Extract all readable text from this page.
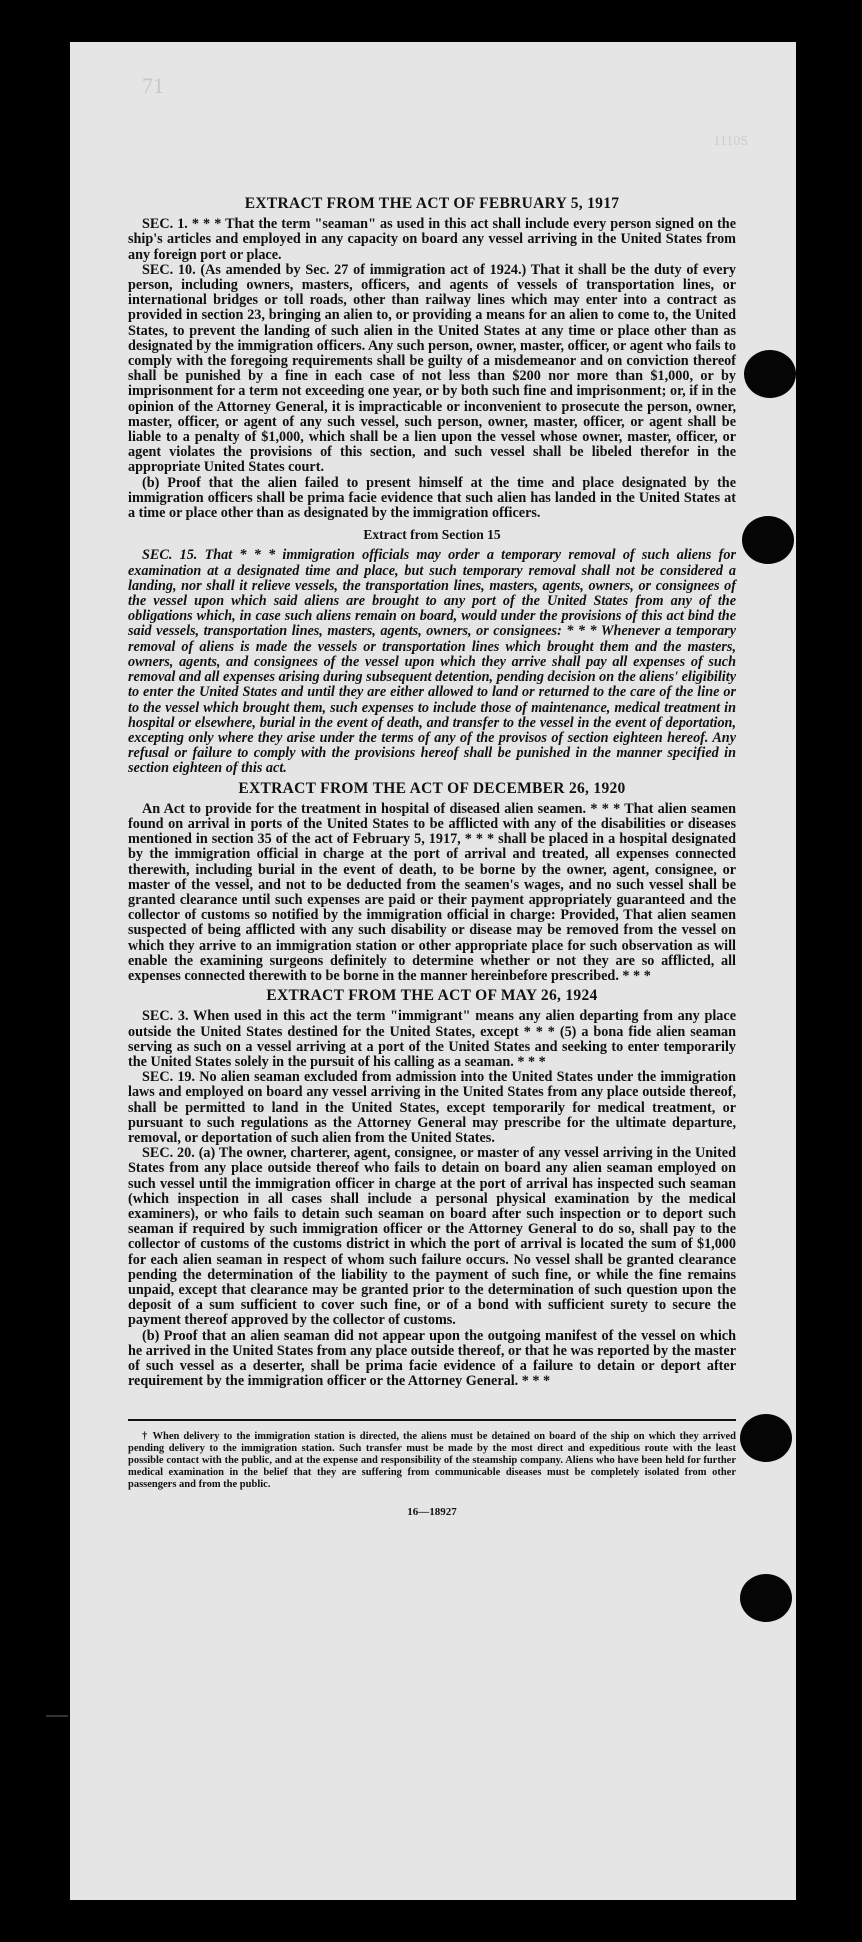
71
1110S
EXTRACT FROM THE ACT OF FEBRUARY 5, 1917

SEC. 1. * * * That the term "seaman" as used in this act shall include every person signed on the ship's articles and employed in any capacity on board any vessel arriving in the United States from any foreign port or place.

SEC. 10. (As amended by Sec. 27 of immigration act of 1924.) That it shall be the duty of every person, including owners, masters, officers, and agents of vessels of transportation lines, or international bridges or toll roads, other than railway lines which may enter into a contract as provided in section 23, bringing an alien to, or providing a means for an alien to come to, the United States, to prevent the landing of such alien in the United States at any time or place other than as designated by the immigration officers. Any such person, owner, master, officer, or agent who fails to comply with the foregoing requirements shall be guilty of a misdemeanor and on conviction thereof shall be punished by a fine in each case of not less than $200 nor more than $1,000, or by imprisonment for a term not exceeding one year, or by both such fine and imprisonment; or, if in the opinion of the Attorney General, it is impracticable or inconvenient to prosecute the person, owner, master, officer, or agent of any such vessel, such person, owner, master, officer, or agent shall be liable to a penalty of $1,000, which shall be a lien upon the vessel whose owner, master, officer, or agent violates the provisions of this section, and such vessel shall be libeled therefor in the appropriate United States court.

(b) Proof that the alien failed to present himself at the time and place designated by the immigration officers shall be prima facie evidence that such alien has landed in the United States at a time or place other than as designated by the immigration officers.

Extract from Section 15

SEC. 15. That * * * immigration officials may order a temporary removal of such aliens for examination at a designated time and place, but such temporary removal shall not be considered a landing, nor shall it relieve vessels, the transportation lines, masters, agents, owners, or consignees of the vessel upon which said aliens are brought to any port of the United States from any of the obligations which, in case such aliens remain on board, would under the provisions of this act bind the said vessels, transportation lines, masters, agents, owners, or consignees: * * * Whenever a temporary removal of aliens is made the vessels or transportation lines which brought them and the masters, owners, agents, and consignees of the vessel upon which they arrive shall pay all expenses of such removal and all expenses arising during subsequent detention, pending decision on the aliens' eligibility to enter the United States and until they are either allowed to land or returned to the care of the line or to the vessel which brought them, such expenses to include those of maintenance, medical treatment in hospital or elsewhere, burial in the event of death, and transfer to the vessel in the event of deportation, excepting only where they arise under the terms of any of the provisos of section eighteen hereof. Any refusal or failure to comply with the provisions hereof shall be punished in the manner specified in section eighteen of this act.

EXTRACT FROM THE ACT OF DECEMBER 26, 1920

An Act to provide for the treatment in hospital of diseased alien seamen. * * * That alien seamen found on arrival in ports of the United States to be afflicted with any of the disabilities or diseases mentioned in section 35 of the act of February 5, 1917, * * * shall be placed in a hospital designated by the immigration official in charge at the port of arrival and treated, all expenses connected therewith, including burial in the event of death, to be borne by the owner, agent, consignee, or master of the vessel, and not to be deducted from the seamen's wages, and no such vessel shall be granted clearance until such expenses are paid or their payment appropriately guaranteed and the collector of customs so notified by the immigration official in charge: Provided, That alien seamen suspected of being afflicted with any such disability or disease may be removed from the vessel on which they arrive to an immigration station or other appropriate place for such observation as will enable the examining surgeons definitely to determine whether or not they are so afflicted, all expenses connected therewith to be borne in the manner hereinbefore prescribed. * * *

EXTRACT FROM THE ACT OF MAY 26, 1924

SEC. 3. When used in this act the term "immigrant" means any alien departing from any place outside the United States destined for the United States, except * * * (5) a bona fide alien seaman serving as such on a vessel arriving at a port of the United States and seeking to enter temporarily the United States solely in the pursuit of his calling as a seaman. * * *

SEC. 19. No alien seaman excluded from admission into the United States under the immigration laws and employed on board any vessel arriving in the United States from any place outside thereof, shall be permitted to land in the United States, except temporarily for medical treatment, or pursuant to such regulations as the Attorney General may prescribe for the ultimate departure, removal, or deportation of such alien from the United States.

SEC. 20. (a) The owner, charterer, agent, consignee, or master of any vessel arriving in the United States from any place outside thereof who fails to detain on board any alien seaman employed on such vessel until the immigration officer in charge at the port of arrival has inspected such seaman (which inspection in all cases shall include a personal physical examination by the medical examiners), or who fails to detain such seaman on board after such inspection or to deport such seaman if required by such immigration officer or the Attorney General to do so, shall pay to the collector of customs of the customs district in which the port of arrival is located the sum of $1,000 for each alien seaman in respect of whom such failure occurs. No vessel shall be granted clearance pending the determination of the liability to the payment of such fine, or while the fine remains unpaid, except that clearance may be granted prior to the determination of such question upon the deposit of a sum sufficient to cover such fine, or of a bond with sufficient surety to secure the payment thereof approved by the collector of customs.

(b) Proof that an alien seaman did not appear upon the outgoing manifest of the vessel on which he arrived in the United States from any place outside thereof, or that he was reported by the master of such vessel as a deserter, shall be prima facie evidence of a failure to detain or deport after requirement by the immigration officer or the Attorney General. * * *

† When delivery to the immigration station is directed, the aliens must be detained on board of the ship on which they arrived pending delivery to the immigration station. Such transfer must be made by the most direct and expeditious route with the least possible contact with the public, and at the expense and responsibility of the steamship company. Aliens who have been held for further medical examination in the belief that they are suffering from communicable diseases must be completely isolated from other passengers and from the public.
16—18927
